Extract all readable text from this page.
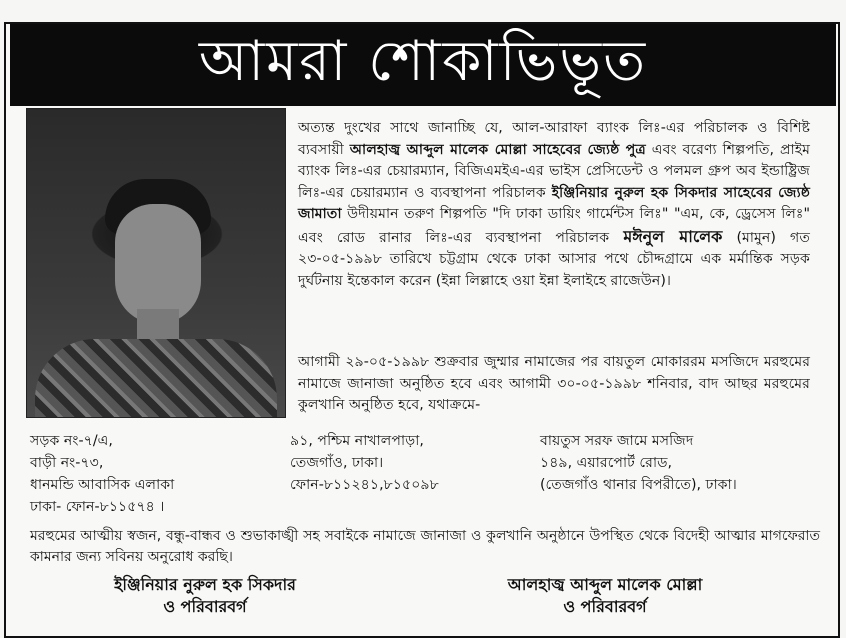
আমরা শোকাভিভূত
অত্যন্ত দুংখের সাথে জানাচ্ছি যে, আল-আরাফা ব্যাংক লিঃ-এর পরিচালক ও বিশিষ্ট ব্যবসায়ী আলহাজ্ব আব্দুল মালেক মোল্লা সাহেবের জ্যেষ্ঠ পুত্র এবং বরেণ্য শিল্পপতি, প্রাইম ব্যাংক লিঃ-এর চেয়ারম্যান, বিজিএমইএ-এর ভাইস প্রেসিডেন্ট ও পলমল গ্রুপ অব ইন্ডাষ্ট্রিজ লিঃ-এর চেয়ারম্যান ও ব্যবস্থাপনা পরিচালক ইঞ্জিনিয়ার নুরুল হক সিকদার সাহেবের জ্যেষ্ঠ জামাতা উদীয়মান তরুণ শিল্পপতি "দি ঢাকা ডায়িং গার্মেন্টস লিঃ" "এম, কে, ড্রেসেস লিঃ" এবং রোড রানার লিঃ-এর ব্যবস্থাপনা পরিচালক মঈনুল মালেক (মামুন) গত ২৩-০৫-১৯৯৮ তারিখে চট্টগ্রাম থেকে ঢাকা আসার পথে চৌদ্দগ্রামে এক মর্মান্তিক সড়ক দুর্ঘটনায় ইন্তেকাল করেন (ইন্না লিল্লাহে ওয়া ইন্না ইলাইহে রাজেউন)।
আগামী ২৯-০৫-১৯৯৮ শুক্রবার জুম্মার নামাজের পর বায়তুল মোকাররম মসজিদে মরহুমের নামাজে জানাজা অনুষ্ঠিত হবে এবং আগামী ৩০-০৫-১৯৯৮ শনিবার, বাদ আছর মরহুমের কুলখানি অনুষ্ঠিত হবে, যথাক্রমে-
সড়ক নং-৭/এ,
বাড়ী নং-৭৩,
ধানমন্ডি আবাসিক এলাকা
ঢাকা- ফোন-৮১১৫৭৪ ।
৯১, পশ্চিম নাখালপাড়া,
তেজগাঁও, ঢাকা।
ফোন-৮১১২৪১,৮১৫০৯৮
বায়তুস সরফ জামে মসজিদ
১৪৯, এয়ারপোর্ট রোড,
(তেজগাঁও থানার বিপরীতে), ঢাকা।
মরহুমের আত্মীয় স্বজন, বন্ধু-বান্ধব ও শুভাকাঙ্খী সহ সবাইকে নামাজে জানাজা ও কুলখানি অনুষ্ঠানে উপস্থিত থেকে বিদেহী আত্মার মাগফেরাত কামনার জন্য সবিনয় অনুরোধ করছি।
ইঞ্জিনিয়ার নুরুল হক সিকদার
ও পরিবারবর্গ
আলহাজ্ব আব্দুল মালেক মোল্লা
ও পরিবারবর্গ
